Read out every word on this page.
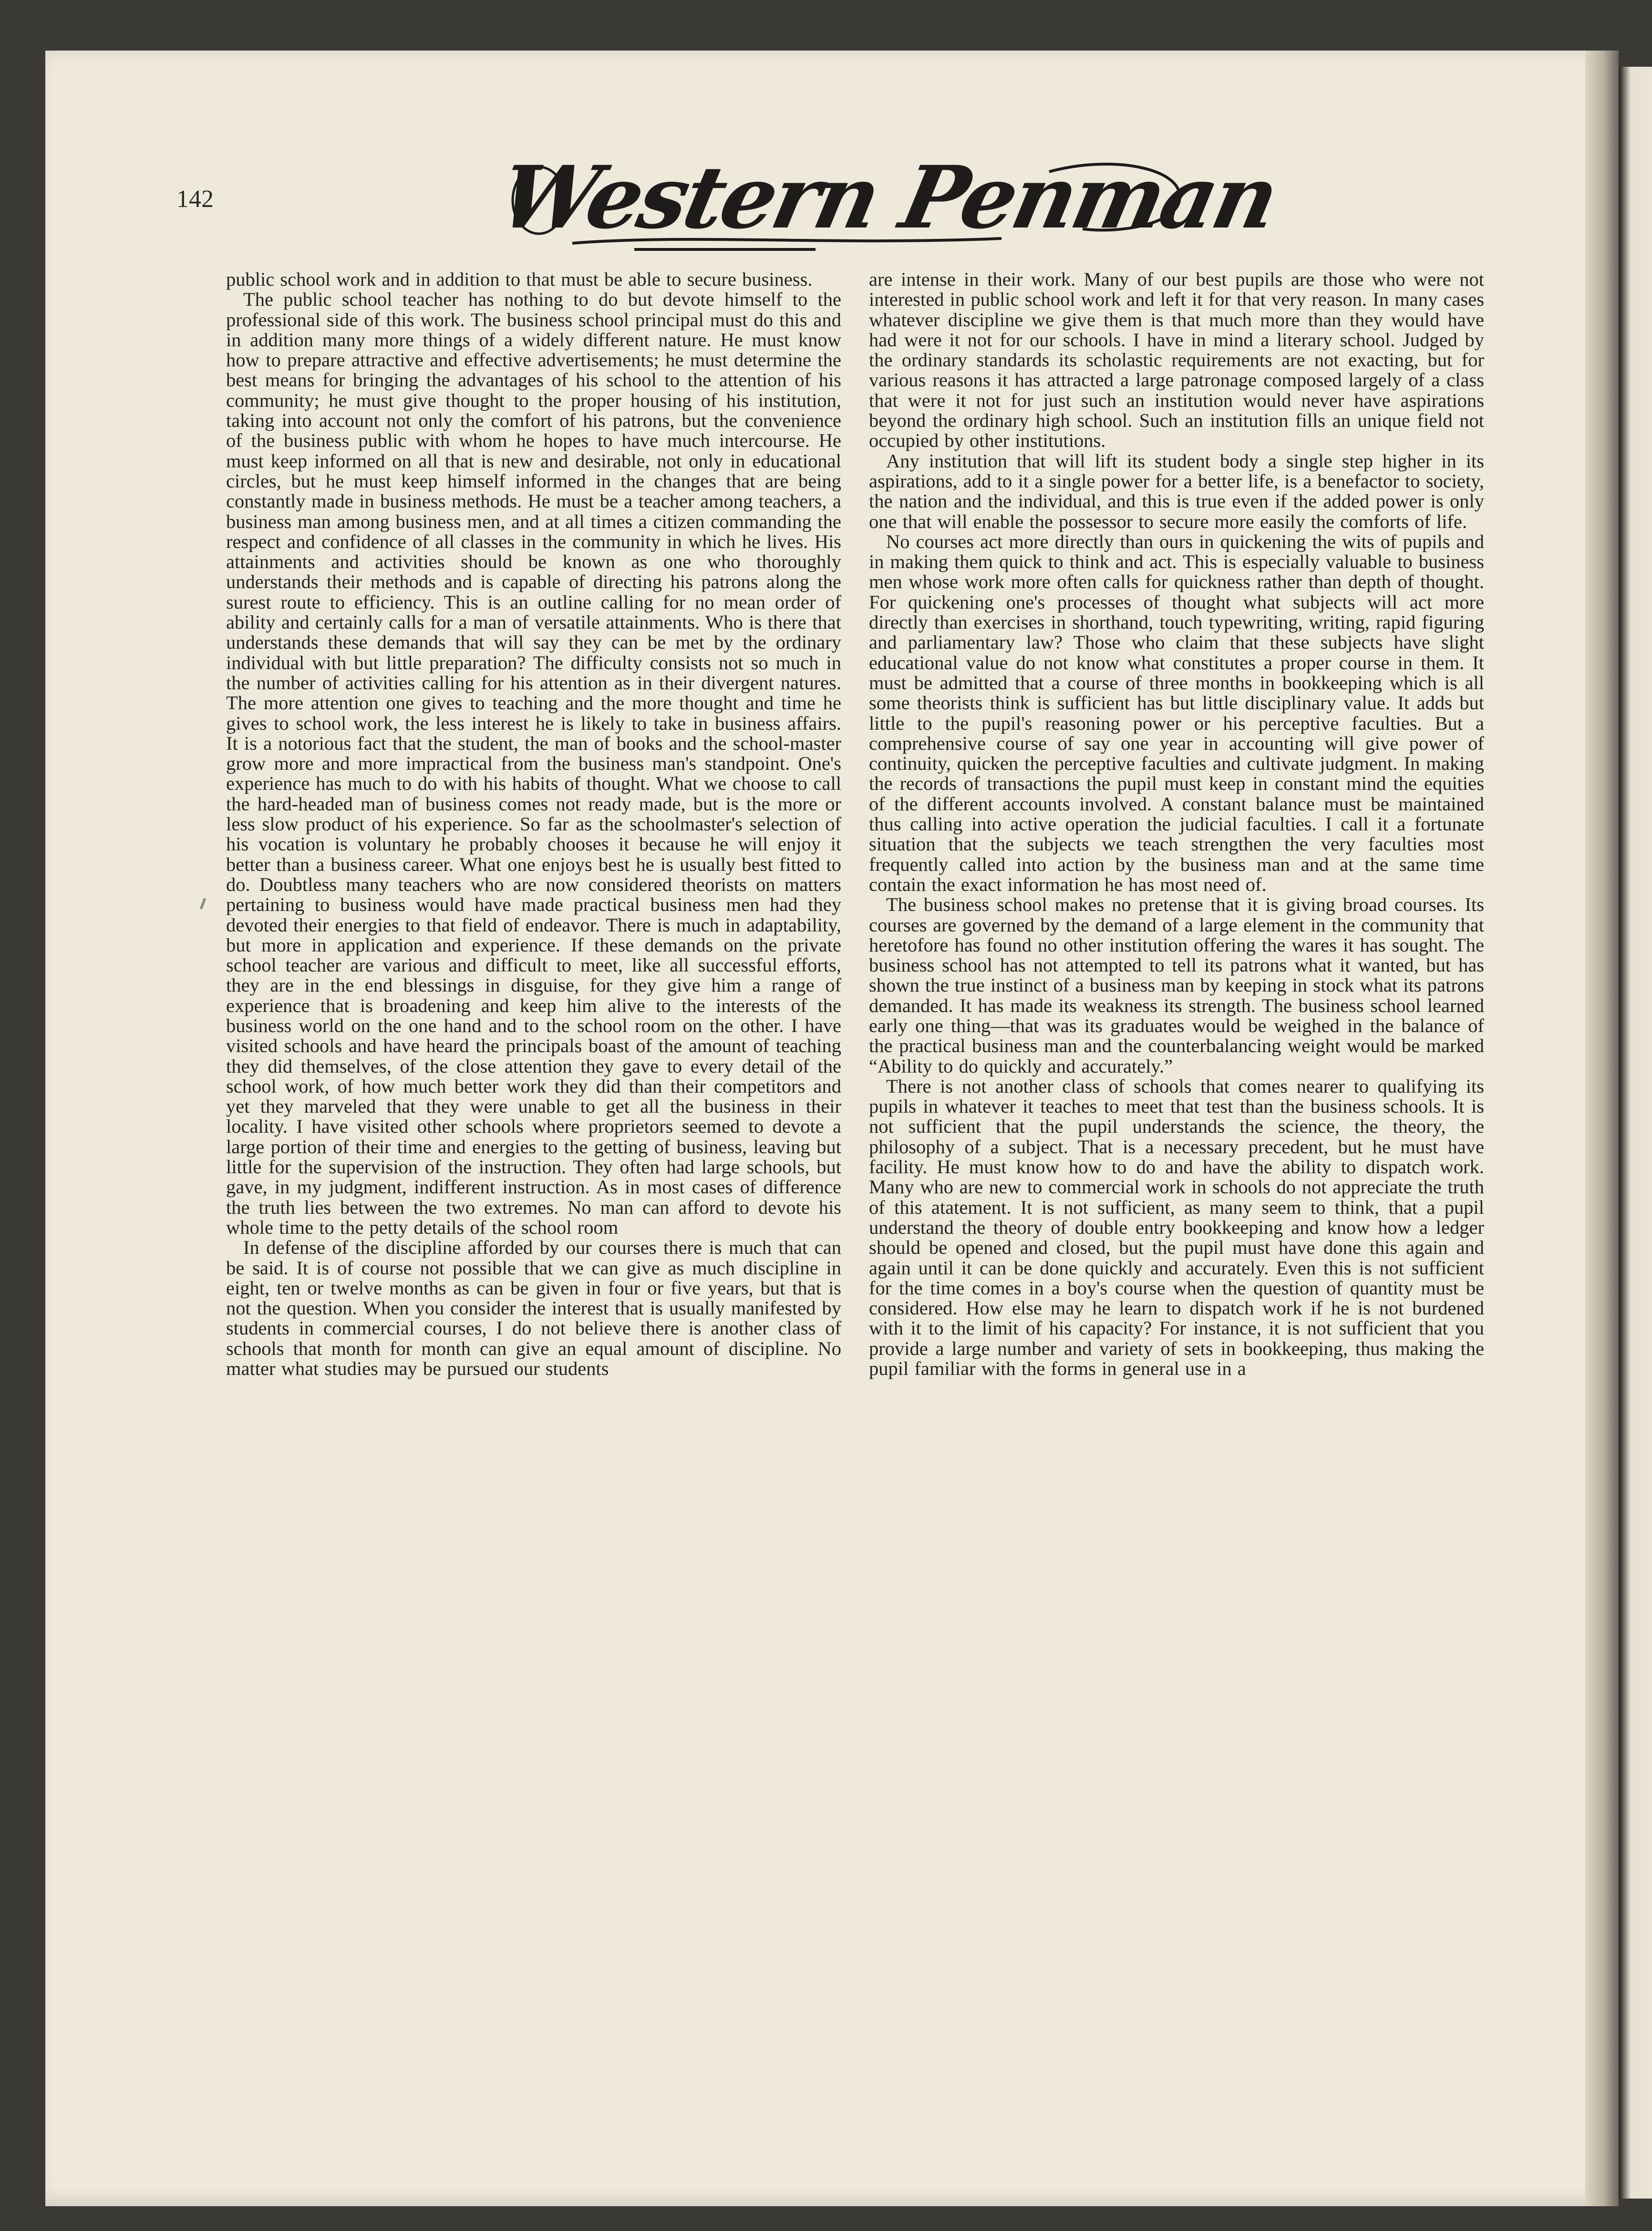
142	Western Penman

public school work and in addition to that must be able to secure business.

The public school teacher has nothing to do but devote himself to the professional side of this work. The business school principal must do this and in addition many more things of a widely different nature. He must know how to prepare attractive and effective advertisements; he must determine the best means for bringing the advantages of his school to the attention of his community; he must give thought to the proper housing of his institution, taking into account not only the comfort of his patrons, but the convenience of the business public with whom he hopes to have much intercourse. He must keep informed on all that is new and desirable, not only in educational circles, but he must keep himself informed in the changes that are being constantly made in business methods. He must be a teacher among teachers, a business man among business men, and at all times a citizen commanding the respect and confidence of all classes in the community in which he lives. His attainments and activities should be known as one who thoroughly understands their methods and is capable of directing his patrons along the surest route to efficiency. This is an outline calling for no mean order of ability and certainly calls for a man of versatile attainments. Who is there that understands these demands that will say they can be met by the ordinary individual with but little preparation? The difficulty consists not so much in the number of activities calling for his attention as in their divergent natures. The more attention one gives to teaching and the more thought and time he gives to school work, the less interest he is likely to take in business affairs. It is a notorious fact that the student, the man of books and the school-master grow more and more impractical from the business man's standpoint. One's experience has much to do with his habits of thought. What we choose to call the hard-headed man of business comes not ready made, but is the more or less slow product of his experience. So far as the schoolmaster's selection of his vocation is voluntary he probably chooses it because he will enjoy it better than a business career. What one enjoys best he is usually best fitted to do. Doubtless many teachers who are now considered theorists on matters pertaining to business would have made practical business men had they devoted their energies to that field of endeavor. There is much in adaptability, but more in application and experience. If these demands on the private school teacher are various and difficult to meet, like all successful efforts, they are in the end blessings in disguise, for they give him a range of experience that is broadening and keep him alive to the interests of the business world on the one hand and to the school room on the other. I have visited schools and have heard the principals boast of the amount of teaching they did themselves, of the close attention they gave to every detail of the school work, of how much better work they did than their competitors and yet they marveled that they were unable to get all the business in their locality. I have visited other schools where proprietors seemed to devote a large portion of their time and energies to the getting of business, leaving but little for the supervision of the instruction. They often had large schools, but gave, in my judgment, indifferent instruction. As in most cases of difference the truth lies between the two extremes. No man can afford to devote his whole time to the petty details of the school room

In defense of the discipline afforded by our courses there is much that can be said. It is of course not possible that we can give as much discipline in eight, ten or twelve months as can be given in four or five years, but that is not the question. When you consider the interest that is usually manifested by students in commercial courses, I do not believe there is another class of schools that month for month can give an equal amount of discipline. No matter what studies may be pursued our students

are intense in their work. Many of our best pupils are those who were not interested in public school work and left it for that very reason. In many cases whatever discipline we give them is that much more than they would have had were it not for our schools. I have in mind a literary school. Judged by the ordinary standards its scholastic requirements are not exacting, but for various reasons it has attracted a large patronage composed largely of a class that were it not for just such an institution would never have aspirations beyond the ordinary high school. Such an institution fills an unique field not occupied by other institutions.

Any institution that will lift its student body a single step higher in its aspirations, add to it a single power for a better life, is a benefactor to society, the nation and the individual, and this is true even if the added power is only one that will enable the possessor to secure more easily the comforts of life.

No courses act more directly than ours in quickening the wits of pupils and in making them quick to think and act. This is especially valuable to business men whose work more often calls for quickness rather than depth of thought. For quickening one's processes of thought what subjects will act more directly than exercises in shorthand, touch typewriting, writing, rapid figuring and parliamentary law? Those who claim that these subjects have slight educational value do not know what constitutes a proper course in them. It must be admitted that a course of three months in bookkeeping which is all some theorists think is sufficient has but little disciplinary value. It adds but little to the pupil's reasoning power or his perceptive faculties. But a comprehensive course of say one year in accounting will give power of continuity, quicken the perceptive faculties and cultivate judgment. In making the records of transactions the pupil must keep in constant mind the equities of the different accounts involved. A constant balance must be maintained thus calling into active operation the judicial faculties. I call it a fortunate situation that the subjects we teach strengthen the very faculties most frequently called into action by the business man and at the same time contain the exact information he has most need of.

The business school makes no pretense that it is giving broad courses. Its courses are governed by the demand of a large element in the community that heretofore has found no other institution offering the wares it has sought. The business school has not attempted to tell its patrons what it wanted, but has shown the true instinct of a business man by keeping in stock what its patrons demanded. It has made its weakness its strength. The business school learned early one thing—that was its graduates would be weighed in the balance of the practical business man and the counterbalancing weight would be marked “Ability to do quickly and accurately.”

There is not another class of schools that comes nearer to qualifying its pupils in whatever it teaches to meet that test than the business schools. It is not sufficient that the pupil understands the science, the theory, the philosophy of a subject. That is a necessary precedent, but he must have facility. He must know how to do and have the ability to dispatch work. Many who are new to commercial work in schools do not appreciate the truth of this atatement. It is not sufficient, as many seem to think, that a pupil understand the theory of double entry bookkeeping and know how a ledger should be opened and closed, but the pupil must have done this again and again until it can be done quickly and accurately. Even this is not sufficient for the time comes in a boy's course when the question of quantity must be considered. How else may he learn to dispatch work if he is not burdened with it to the limit of his capacity? For instance, it is not sufficient that you provide a large number and variety of sets in bookkeeping, thus making the pupil familiar with the forms in general use in a
